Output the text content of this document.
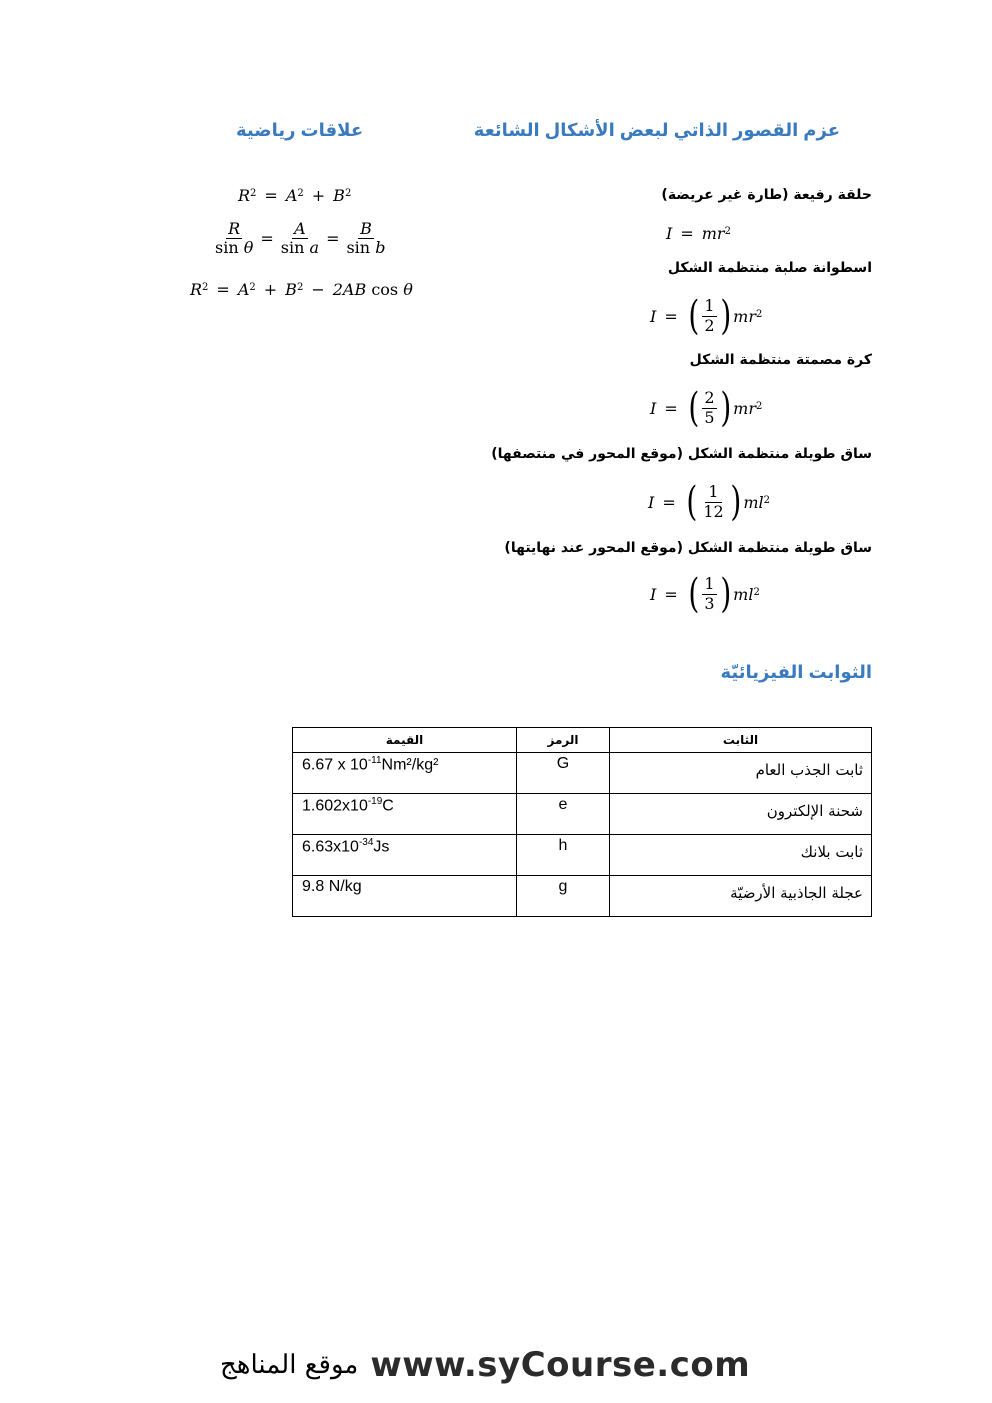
عزم القصور الذاتي لبعض الأشكال الشائعة
علاقات رياضية
$R^2 = A^2 + B^2$
$\frac{R}{\text{sin θ}} = \frac{A}{\text{sin a}} = \frac{B}{\text{sin b}}$
$R^2 = A^2 + B^2 - 2AB$
cos
θ
حلقة رفيعة (طارة غير عريضة)
$I = mr^2$
اسطوانة صلبة منتظمة الشكل
I = ( $\frac{1}{2}$ ) $mr^2$
كرة مصمتة منتظمة الشكل
I = ( $\frac{2}{5}$ ) $mr^2$
ساق طويلة منتظمة الشكل (موقع المحور في منتصفها)
I = ( $\frac{1}{12}$ ) $ml^2$
ساق طويلة منتظمة الشكل (موقع المحور عند نهايتها)
I = ( $\frac{1}{3}$ ) $ml^2$
الثوابت الفيزيائيّة
القيمة	الرمز	الثابت
6.67 x $10^{-11}Nm^2$/kg²	G	ثابت الجذب العام
$1.602x10^{-19}C$	e	شحنة الإلكترون
$6.63x10^{-34}Js$	h	ثابت بلانك
9.8 N/kg	g	عجلة الجاذبية الأرضيّة
موقع المناهج www.syCourse.com
